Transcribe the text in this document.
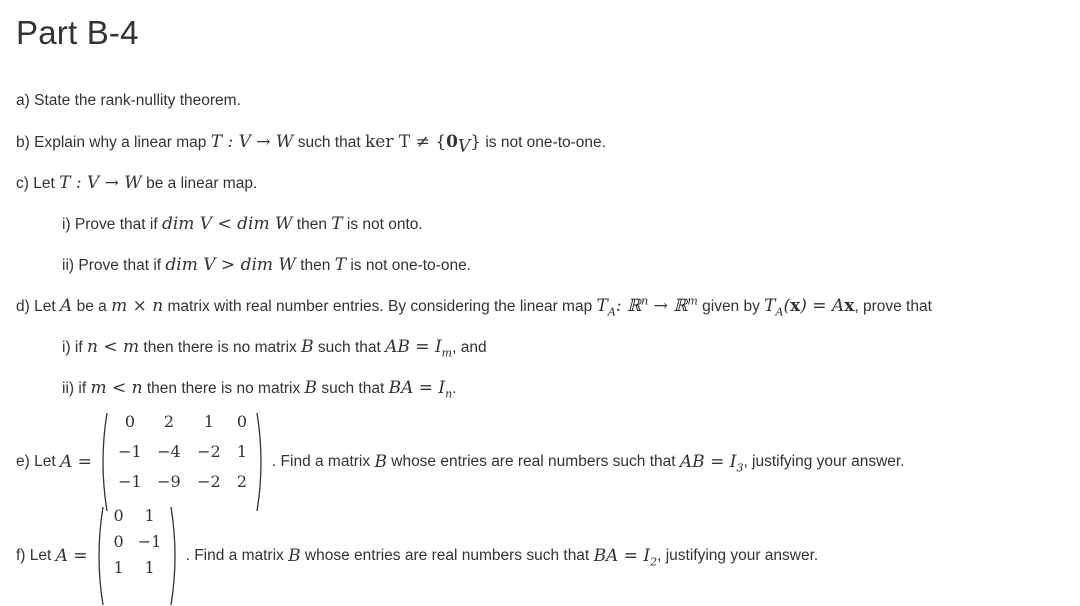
Part B-4
a) State the rank-nullity theorem.
b) Explain why a linear map T : V → W such that ker $T \ne \{0_V\}$ is not one-to-one.
c) Let T : V → W be a linear map.
i) Prove that if dim V < dim W then T is not onto.
ii) Prove that if dim V > dim W then T is not one-to-one.
d) Let A be a m × n matrix with real number entries. By considering the linear map $T_A$: ℝ$^n$ → ℝ$^m$ given by $T_A(x) = Ax$, prove that
i) if n < m then there is no matrix B such that AB = $I_m$, and
ii) if m < n then there is no matrix B such that BA = $I_n$.
e)
Let
A =
0	2	1	0
−1 −4	−2	1
−1 −9	−2	2
. Find a matrix
B
whose entries are real numbers such that
AB = $I_3$ , justifying your answer.
f)
Let
A =
0	1
0 −1
1	1
. Find a matrix
B
whose entries are real numbers such that
BA = $I_2$ , justifying your answer.
